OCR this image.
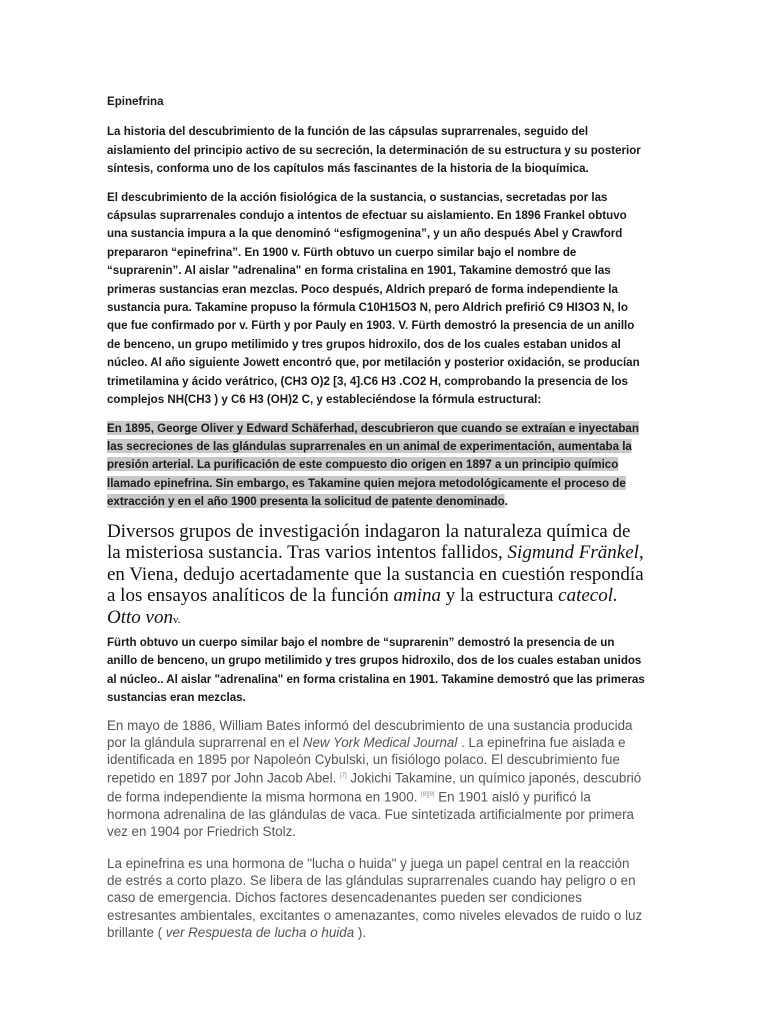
Epinefrina

La historia del descubrimiento de la función de las cápsulas suprarrenales, seguido del aislamiento del principio activo de su secreción, la determinación de su estructura y su posterior síntesis, conforma uno de los capítulos más fascinantes de la historia de la bioquímica.

El descubrimiento de la acción fisiológica de la sustancia, o sustancias, secretadas por las cápsulas suprarrenales condujo a intentos de efectuar su aislamiento. En 1896 Frankel obtuvo una sustancia impura a la que denominó “esfigmogenina”, y un año después Abel y Crawford prepararon “epinefrina”. En 1900 v. Fürth obtuvo un cuerpo similar bajo el nombre de “suprarenin”. Al aislar "adrenalina" en forma cristalina en 1901, Takamine demostró que las primeras sustancias eran mezclas. Poco después, Aldrich preparó de forma independiente la sustancia pura. Takamine propuso la fórmula C10H15O3 N, pero Aldrich prefirió C9 HI3O3 N, lo que fue confirmado por v. Fürth y por Pauly en 1903. V. Fürth demostró la presencia de un anillo de benceno, un grupo metilimido y tres grupos hidroxilo, dos de los cuales estaban unidos al núcleo. Al año siguiente Jowett encontró que, por metilación y posterior oxidación, se producían trimetilamina y ácido verátrico, (CH3 O)2 [3, 4].C6 H3 .CO2 H, comprobando la presencia de los complejos NH(CH3 ) y C6 H3 (OH)2 C, y estableciéndose la fórmula estructural:

En 1895, George Oliver y Edward Schäferhad, descubrieron que cuando se extraían e inyectaban las secreciones de las glándulas suprarrenales en un animal de experimentación, aumentaba la presión arterial. La purificación de este compuesto dio origen en 1897 a un principio químico llamado epinefrina. Sin embargo, es Takamine quien mejora metodológicamente el proceso de extracción y en el año 1900 presenta la solicitud de patente denominado.

Diversos grupos de investigación indagaron la naturaleza química de la misteriosa sustancia. Tras varios intentos fallidos, Sigmund Fränkel, en Viena, dedujo acertadamente que la sustancia en cuestión respondía a los ensayos analíticos de la función amina y la estructura catecol. Otto vonv.

Fürth obtuvo un cuerpo similar bajo el nombre de “suprarenin” demostró la presencia de un anillo de benceno, un grupo metilimido y tres grupos hidroxilo, dos de los cuales estaban unidos al núcleo.. Al aislar "adrenalina" en forma cristalina en 1901. Takamine demostró que las primeras sustancias eran mezclas.

En mayo de 1886, William Bates informó del descubrimiento de una sustancia producida por la glándula suprarrenal en el New York Medical Journal . La epinefrina fue aislada e identificada en 1895 por Napoleón Cybulski, un fisiólogo polaco. El descubrimiento fue repetido en 1897 por John Jacob Abel. [7] Jokichi Takamine, un químico japonés, descubrió de forma independiente la misma hormona en 1900. [8][9] En 1901 aisló y purificó la hormona adrenalina de las glándulas de vaca. Fue sintetizada artificialmente por primera vez en 1904 por Friedrich Stolz.

La epinefrina es una hormona de "lucha o huida" y juega un papel central en la reacción de estrés a corto plazo. Se libera de las glándulas suprarrenales cuando hay peligro o en caso de emergencia. Dichos factores desencadenantes pueden ser condiciones estresantes ambientales, excitantes o amenazantes, como niveles elevados de ruido o luz brillante ( ver Respuesta de lucha o huida ).
